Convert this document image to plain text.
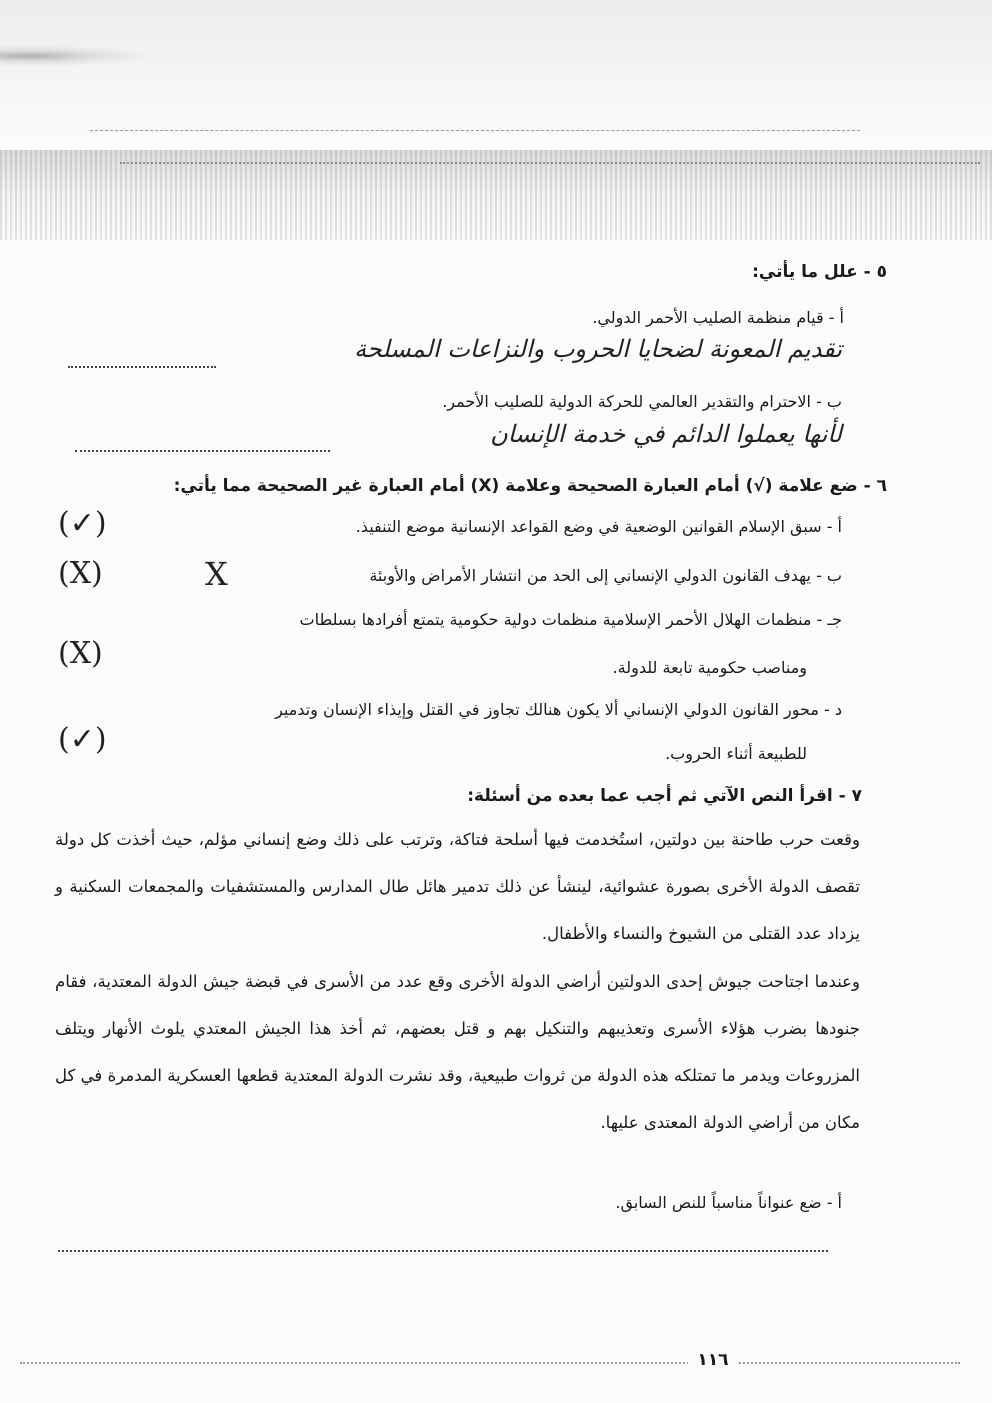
٥ - علل ما يأتي:
أ - قيام منظمة الصليب الأحمر الدولي.
تقديم المعونة لضحايا الحروب والنزاعات المسلحة
ب - الاحترام والتقدير العالمي للحركة الدولية للصليب الأحمر.
لأنها يعملوا الدائم في خدمة الإنسان
٦ - ضع علامة (√) أمام العبارة الصحيحة وعلامة (X) أمام العبارة غير الصحيحة مما يأتي:
أ - سبق الإسلام القوانين الوضعية في وضع القواعد الإنسانية موضع التنفيذ.
(✓)
ب - يهدف القانون الدولي الإنساني إلى الحد من انتشار الأمراض والأوبئة
X
(X)
جـ - منظمات الهلال الأحمر الإسلامية منظمات دولية حكومية يتمتع أفرادها بسلطات
ومناصب حكومية تابعة للدولة.
(X)
د - محور القانون الدولي الإنساني ألا يكون هنالك تجاوز في القتل وإيذاء الإنسان وتدمير
للطبيعة أثناء الحروب.
(✓)
٧ - اقرأ النص الآتي ثم أجب عما بعده من أسئلة:
وقعت حرب طاحنة بين دولتين، استُخدمت فيها أسلحة فتاكة، وترتب على ذلك وضع إنساني مؤلم، حيث أخذت كل دولة تقصف الدولة الأخرى بصورة عشوائية، لينشأ عن ذلك تدمير هائل طال المدارس والمستشفيات والمجمعات السكنية و يزداد عدد القتلى من الشيوخ والنساء والأطفال.
وعندما اجتاحت جيوش إحدى الدولتين أراضي الدولة الأخرى وقع عدد من الأسرى في قبضة جيش الدولة المعتدية، فقام جنودها بضرب هؤلاء الأسرى وتعذيبهم والتنكيل بهم و قتل بعضهم، ثم أخذ هذا الجيش المعتدي يلوث الأنهار ويتلف المزروعات ويدمر ما تمتلكه هذه الدولة من ثروات طبيعية، وقد نشرت الدولة المعتدية قطعها العسكرية المدمرة في كل مكان من أراضي الدولة المعتدى عليها.
أ - ضع عنواناً مناسباً للنص السابق.
١١٦
